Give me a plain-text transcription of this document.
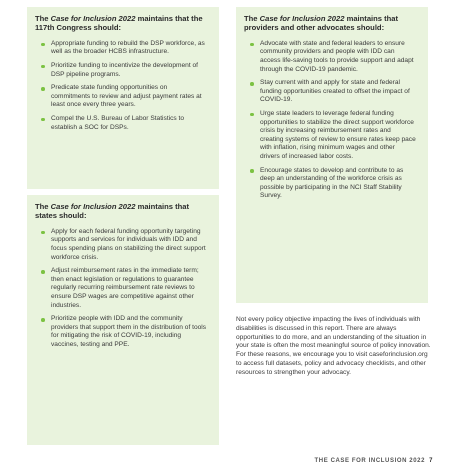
The Case for Inclusion 2022 maintains that the 117th Congress should:
Appropriate funding to rebuild the DSP workforce, as well as the broader HCBS infrastructure.
Prioritize funding to incentivize the development of DSP pipeline programs.
Predicate state funding opportunities on commitments to review and adjust payment rates at least once every three years.
Compel the U.S. Bureau of Labor Statistics to establish a SOC for DSPs.
The Case for Inclusion 2022 maintains that states should:
Apply for each federal funding opportunity targeting supports and services for individuals with IDD and focus spending plans on stabilizing the direct support workforce crisis.
Adjust reimbursement rates in the immediate term; then enact legislation or regulations to guarantee regularly recurring reimbursement rate reviews to ensure DSP wages are competitive against other industries.
Prioritize people with IDD and the community providers that support them in the distribution of tools for mitigating the risk of COVID-19, including vaccines, testing and PPE.
The Case for Inclusion 2022 maintains that providers and other advocates should:
Advocate with state and federal leaders to ensure community providers and people with IDD can access life-saving tools to provide support and adapt through the COVID-19 pandemic.
Stay current with and apply for state and federal funding opportunities created to offset the impact of COVID-19.
Urge state leaders to leverage federal funding opportunities to stabilize the direct support workforce crisis by increasing reimbursement rates and creating systems of review to ensure rates keep pace with inflation, rising minimum wages and other drivers of increased labor costs.
Encourage states to develop and contribute to as deep an understanding of the workforce crisis as possible by participating in the NCI Staff Stability Survey.

Not every policy objective impacting the lives of individuals with disabilities is discussed in this report. There are always opportunities to do more, and an understanding of the situation in your state is often the most meaningful source of policy innovation. For these reasons, we encourage you to visit caseforinclusion.org to access full datasets, policy and advocacy checklists, and other resources to strengthen your advocacy.

THE CASE FOR INCLUSION 2022 7
